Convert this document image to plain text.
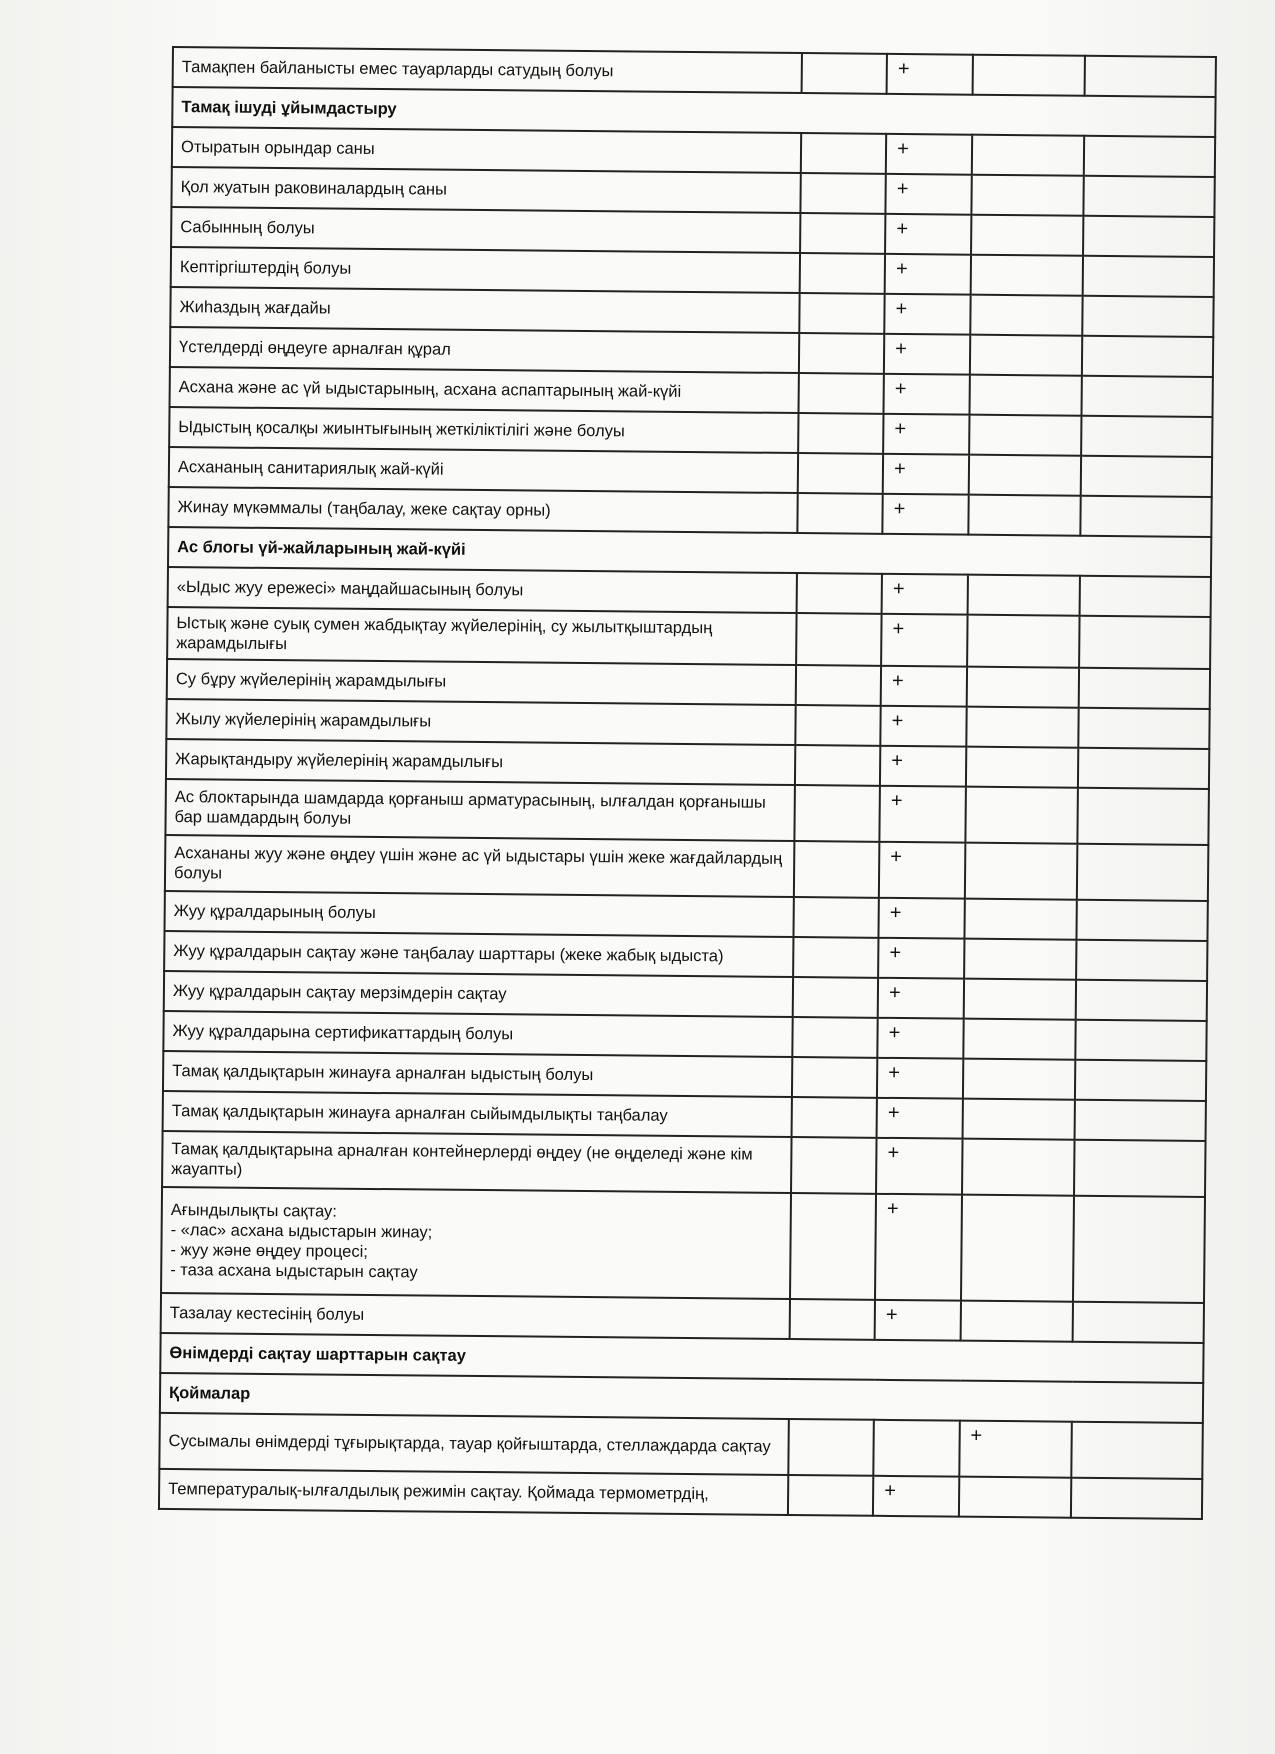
Тамақпен байланысты емес тауарларды сатудың болуы		+		

Тамақ ішуді ұйымдастыру				
Отыратын орындар саны		+		

Қол жуатын раковиналардың саны		+		

Сабынның болуы		+		

Кептіргіштердің болуы		+		

Жиһаздың жағдайы		+		

Үстелдерді өңдеуге арналған құрал		+		

Асхана және ас үй ыдыстарының, асхана аспаптарының жай-күйі		+		

Ыдыстың қосалқы жиынтығының жеткіліктілігі және болуы		+		

Асхананың санитариялық жай-күйі		+		

Жинау мүкәммалы (таңбалау, жеке сақтау орны)		+		

Ас блогы үй-жайларының жай-күйі				
«Ыдыс жуу ережесі» маңдайшасының болуы		+		

Ыстық және суық сумен жабдықтау жүйелерінің, су жылытқыштардың жарамдылығы		+		

Су бұру жүйелерінің жарамдылығы		+		

Жылу жүйелерінің жарамдылығы		+		

Жарықтандыру жүйелерінің жарамдылығы		+		

Ас блоктарында шамдарда қорғаныш арматурасының, ылғалдан қорғанышы бар шамдардың болуы		+		

Асхананы жуу және өңдеу үшін және ас үй ыдыстары үшін жеке жағдайлардың болуы		+		

Жуу құралдарының болуы		+		

Жуу құралдарын сақтау және таңбалау шарттары (жеке жабық ыдыста)		+		

Жуу құралдарын сақтау мерзімдерін сақтау		+		

Жуу құралдарына сертификаттардың болуы		+		

Тамақ қалдықтарын жинауға арналған ыдыстың болуы		+		

Тамақ қалдықтарын жинауға арналған сыйымдылықты таңбалау		+		

Тамақ қалдықтарына арналған контейнерлерді өңдеу (не өңделеді және кім жауапты)		+		

Ағындылықты сақтау:
- «лас» асхана ыдыстарын жинау;
- жуу және өңдеу процесі;
- таза асхана ыдыстарын сақтау		+		

Тазалау кестесінің болуы		+		

Өнімдерді сақтау шарттарын сақтау				
Қоймалар				
Сусымалы өнімдерді тұғырықтарда, тауар қойғыштарда, стеллаждарда сақтау			+	

Температуралық-ылғалдылық режимін сақтау. Қоймада термометрдің,		+		
